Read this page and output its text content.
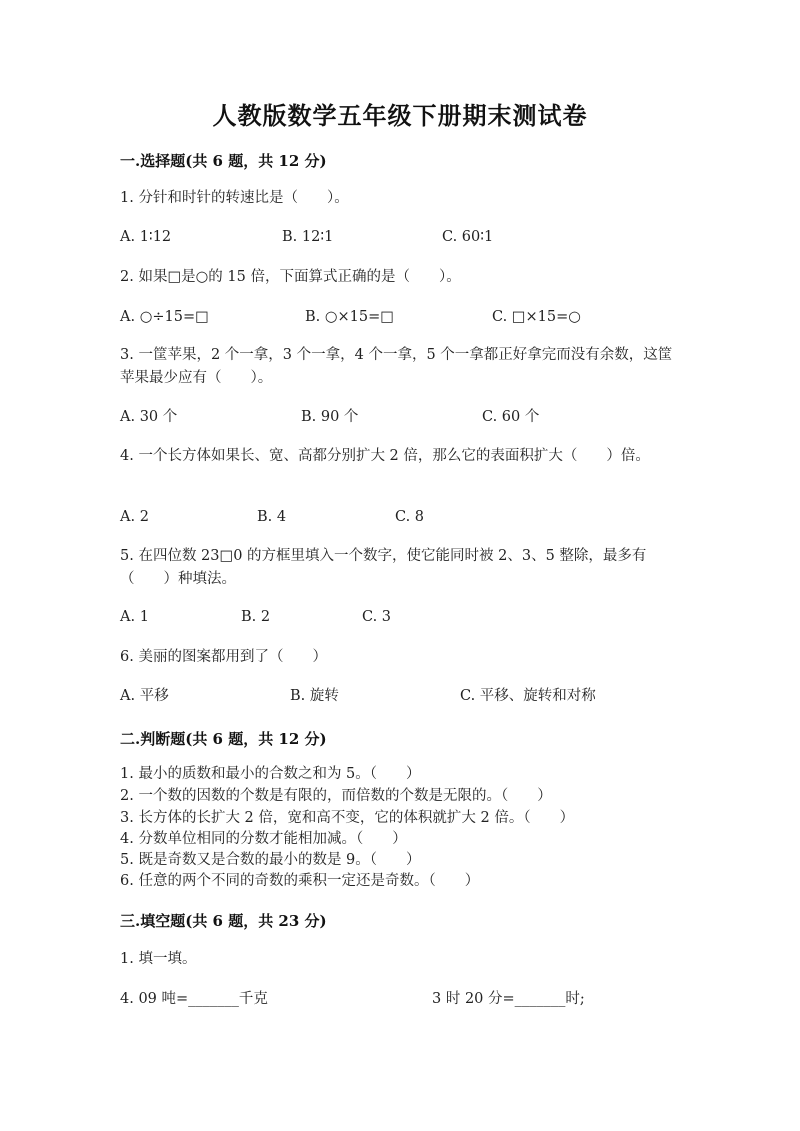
人教版数学五年级下册期末测试卷
一.选择题(共 6 题，共 12 分)
1. 分针和时针的转速比是（　　）。
A. 1∶12	B. 12∶1	C. 60∶1
2. 如果□是○的 15 倍，下面算式正确的是（　　）。
A. ○÷15=□	B. ○×15=□	C. □×15=○
3. 一筐苹果，2 个一拿，3 个一拿，4 个一拿，5 个一拿都正好拿完而没有余数，这筐苹果最少应有（　　）。
A. 30 个	B. 90 个	C. 60 个
4. 一个长方体如果长、宽、高都分别扩大 2 倍，那么它的表面积扩大（　　）倍。
A. 2	B. 4	C. 8
5. 在四位数 23□0 的方框里填入一个数字，使它能同时被 2、3、5 整除，最多有（　　）种填法。
A. 1	B. 2	C. 3
6. 美丽的图案都用到了（　　）
A. 平移	B. 旋转	C. 平移、旋转和对称
二.判断题(共 6 题，共 12 分)
1. 最小的质数和最小的合数之和为 5。（　　）
2. 一个数的因数的个数是有限的，而倍数的个数是无限的。（　　）
3. 长方体的长扩大 2 倍，宽和高不变，它的体积就扩大 2 倍。（　　）
4. 分数单位相同的分数才能相加减。（　　）
5. 既是奇数又是合数的最小的数是 9。（　　）
6. 任意的两个不同的奇数的乘积一定还是奇数。（　　）
三.填空题(共 6 题，共 23 分)
1. 填一填。
4. 09 吨=_______千克	3 时 20 分=_______时;
